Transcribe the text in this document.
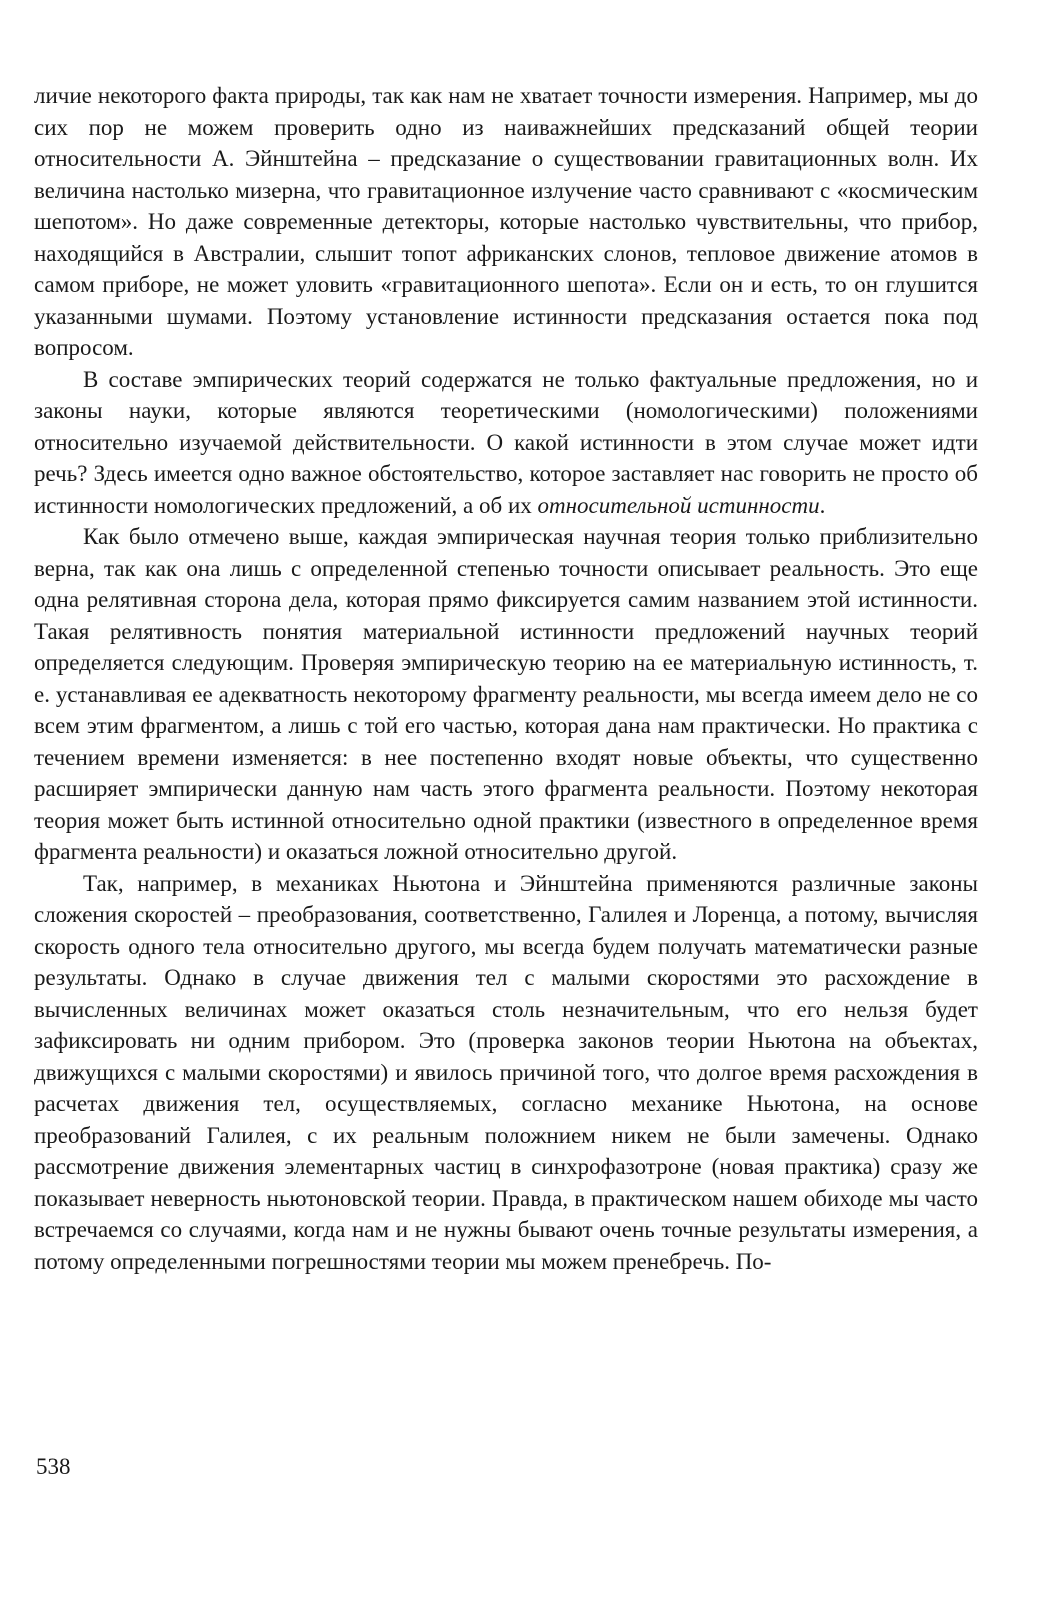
личие некоторого факта природы, так как нам не хватает точности измерения. Например, мы до сих пор не можем проверить одно из наиважнейших предсказаний общей теории относительности А. Эйнштейна – предсказание о существовании гравитационных волн. Их величина настолько мизерна, что гравитационное излучение часто сравнивают с «космическим шепотом». Но даже современные детекторы, которые настолько чувствительны, что прибор, находящийся в Австралии, слышит топот африканских слонов, тепловое движение атомов в самом приборе, не может уловить «гравитационного шепота». Если он и есть, то он глушится указанными шумами. Поэтому установление истинности предсказания остается пока под вопросом.

В составе эмпирических теорий содержатся не только фактуальные предложения, но и законы науки, которые являются теоретическими (номологическими) положениями относительно изучаемой действительности. О какой истинности в этом случае может идти речь? Здесь имеется одно важное обстоятельство, которое заставляет нас говорить не просто об истинности номологических предложений, а об их относительной истинности.

Как было отмечено выше, каждая эмпирическая научная теория только приблизительно верна, так как она лишь с определенной степенью точности описывает реальность. Это еще одна релятивная сторона дела, которая прямо фиксируется самим названием этой истинности. Такая релятивность понятия материальной истинности предложений научных теорий определяется следующим. Проверяя эмпирическую теорию на ее материальную истинность, т. е. устанавливая ее адекватность некоторому фрагменту реальности, мы всегда имеем дело не со всем этим фрагментом, а лишь с той его частью, которая дана нам практически. Но практика с течением времени изменяется: в нее постепенно входят новые объекты, что существенно расширяет эмпирически данную нам часть этого фрагмента реальности. Поэтому некоторая теория может быть истинной относительно одной практики (известного в определенное время фрагмента реальности) и оказаться ложной относительно другой.

Так, например, в механиках Ньютона и Эйнштейна применяются различные законы сложения скоростей – преобразования, соответственно, Галилея и Лоренца, а потому, вычисляя скорость одного тела относительно другого, мы всегда будем получать математически разные результаты. Однако в случае движения тел с малыми скоростями это расхождение в вычисленных величинах может оказаться столь незначительным, что его нельзя будет зафиксировать ни одним прибором. Это (проверка законов теории Ньютона на объектах, движущихся с малыми скоростями) и явилось причиной того, что долгое время расхождения в расчетах движения тел, осуществляемых, согласно механике Ньютона, на основе преобразований Галилея, с их реальным положнием никем не были замечены. Однако рассмотрение движения элементарных частиц в синхрофазотроне (новая практика) сразу же показывает неверность ньютоновской теории. Правда, в практическом нашем обиходе мы часто встречаемся со случаями, когда нам и не нужны бывают очень точные результаты измерения, а потому определенными погрешностями теории мы можем пренебречь. По-

538
